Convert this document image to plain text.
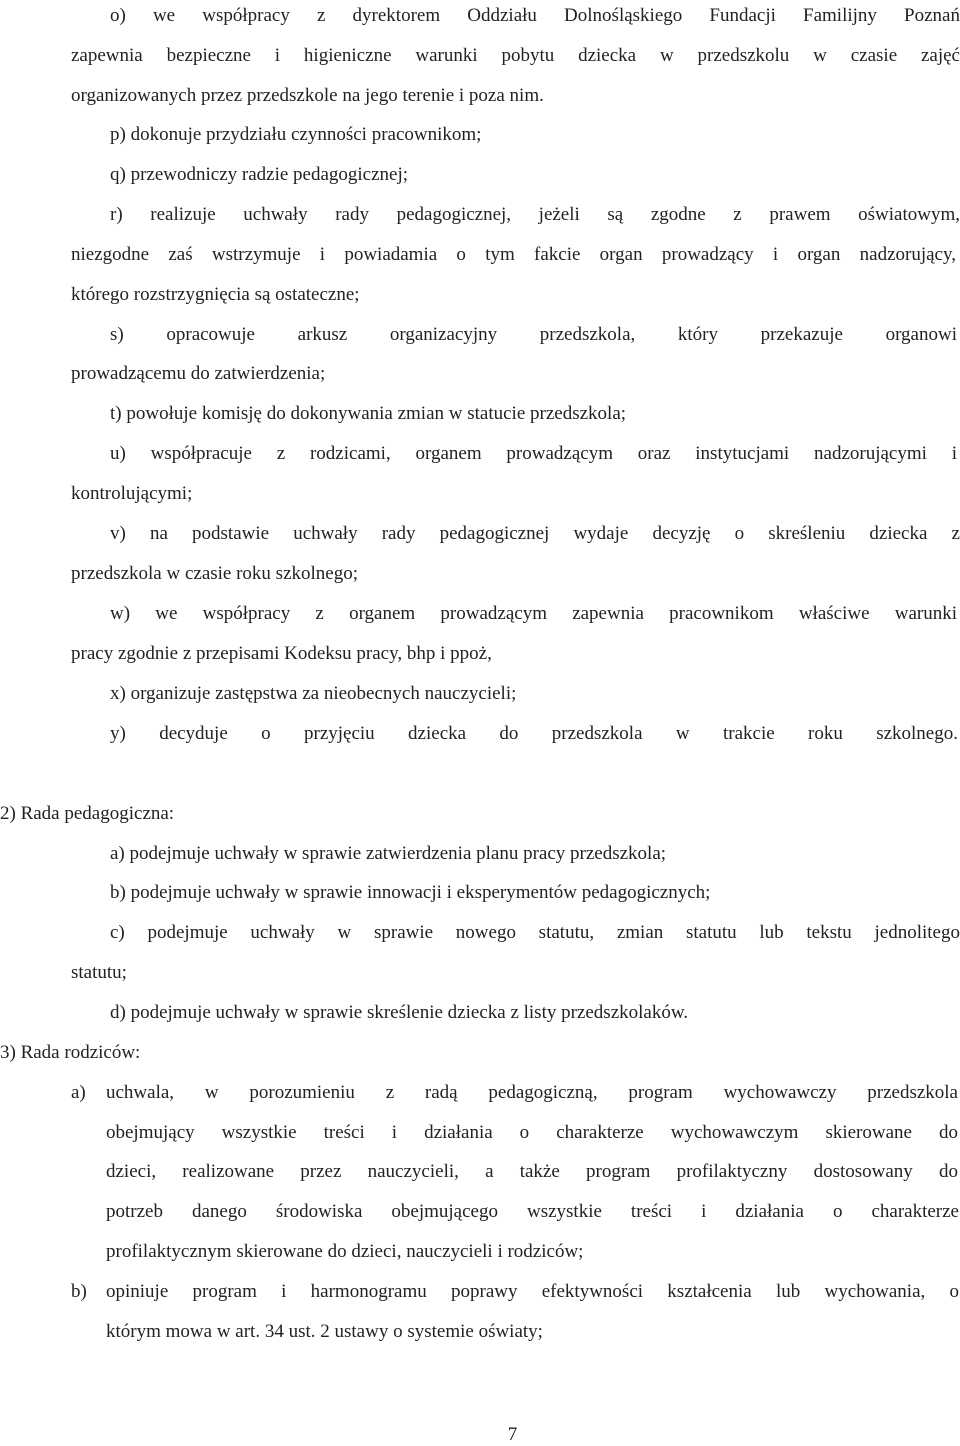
o) we współpracy z dyrektorem Oddziału Dolnośląskiego Fundacji Familijny Poznań
zapewnia bezpieczne i higieniczne warunki pobytu dziecka w przedszkolu w czasie zajęć
organizowanych przez przedszkole na jego terenie i poza nim.
p) dokonuje przydziału czynności pracownikom;
q) przewodniczy radzie pedagogicznej;
r) realizuje uchwały rady pedagogicznej, jeżeli są zgodne z prawem oświatowym,
niezgodne zaś wstrzymuje i powiadamia o tym fakcie organ prowadzący i organ nadzorujący,
którego rozstrzygnięcia są ostateczne;
s) opracowuje arkusz organizacyjny przedszkola, który przekazuje organowi
prowadzącemu do zatwierdzenia;
t) powołuje komisję do dokonywania zmian w statucie przedszkola;
u) współpracuje z rodzicami, organem prowadzącym oraz instytucjami nadzorującymi i
kontrolującymi;
v) na podstawie uchwały rady pedagogicznej wydaje decyzję o skreśleniu dziecka z
przedszkola w czasie roku szkolnego;
w) we współpracy z organem prowadzącym zapewnia pracownikom właściwe warunki
pracy zgodnie z przepisami Kodeksu pracy, bhp i ppoż,
x) organizuje zastępstwa za nieobecnych nauczycieli;
y) decyduje o przyjęciu dziecka do przedszkola w trakcie roku szkolnego.
2) Rada pedagogiczna:
a) podejmuje uchwały w sprawie zatwierdzenia planu pracy przedszkola;
b) podejmuje uchwały w sprawie innowacji i eksperymentów pedagogicznych;
c) podejmuje uchwały w sprawie nowego statutu, zmian statutu lub tekstu jednolitego
statutu;
d) podejmuje uchwały w sprawie skreślenie dziecka z listy przedszkolaków.
3) Rada rodziców:
a) uchwala, w porozumieniu z radą pedagogiczną, program wychowawczy przedszkola
obejmujący wszystkie treści i działania o charakterze wychowawczym skierowane do
dzieci, realizowane przez nauczycieli, a także program profilaktyczny dostosowany do
potrzeb danego środowiska obejmującego wszystkie treści i działania o charakterze
profilaktycznym skierowane do dzieci, nauczycieli i rodziców;
b) opiniuje program i harmonogramu poprawy efektywności kształcenia lub wychowania, o
którym mowa w art. 34 ust. 2 ustawy o systemie oświaty;
7
